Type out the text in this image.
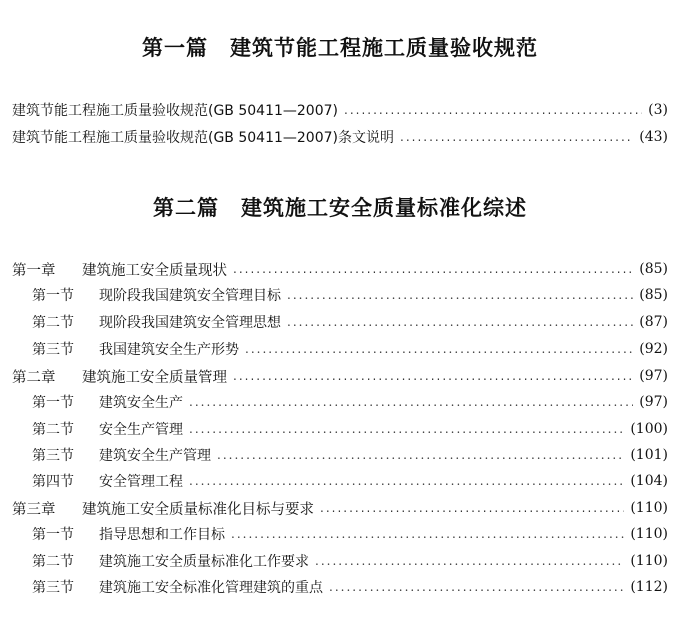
第一篇　建筑节能工程施工质量验收规范
建筑节能工程施工质量验收规范(GB 50411—2007) .....	(3)
建筑节能工程施工质量验收规范(GB 50411—2007)条文说明 .....	(43)
第二篇　建筑施工安全质量标准化综述
第一章	建筑施工安全质量现状 .....	(85)
第一节	现阶段我国建筑安全管理目标 .....	(85)
第二节	现阶段我国建筑安全管理思想 .....	(87)
第三节	我国建筑安全生产形势 .....	(92)
第二章	建筑施工安全质量管理 .....	(97)
第一节	建筑安全生产 .....	(97)
第二节	安全生产管理 .....	(100)
第三节	建筑安全生产管理 .....	(101)
第四节	安全管理工程 .....	(104)
第三章	建筑施工安全质量标准化目标与要求 .....	(110)
第一节	指导思想和工作目标 .....	(110)
第二节	建筑施工安全质量标准化工作要求 .....	(110)
第三节	建筑施工安全标准化管理建筑的重点 .....	(112)
